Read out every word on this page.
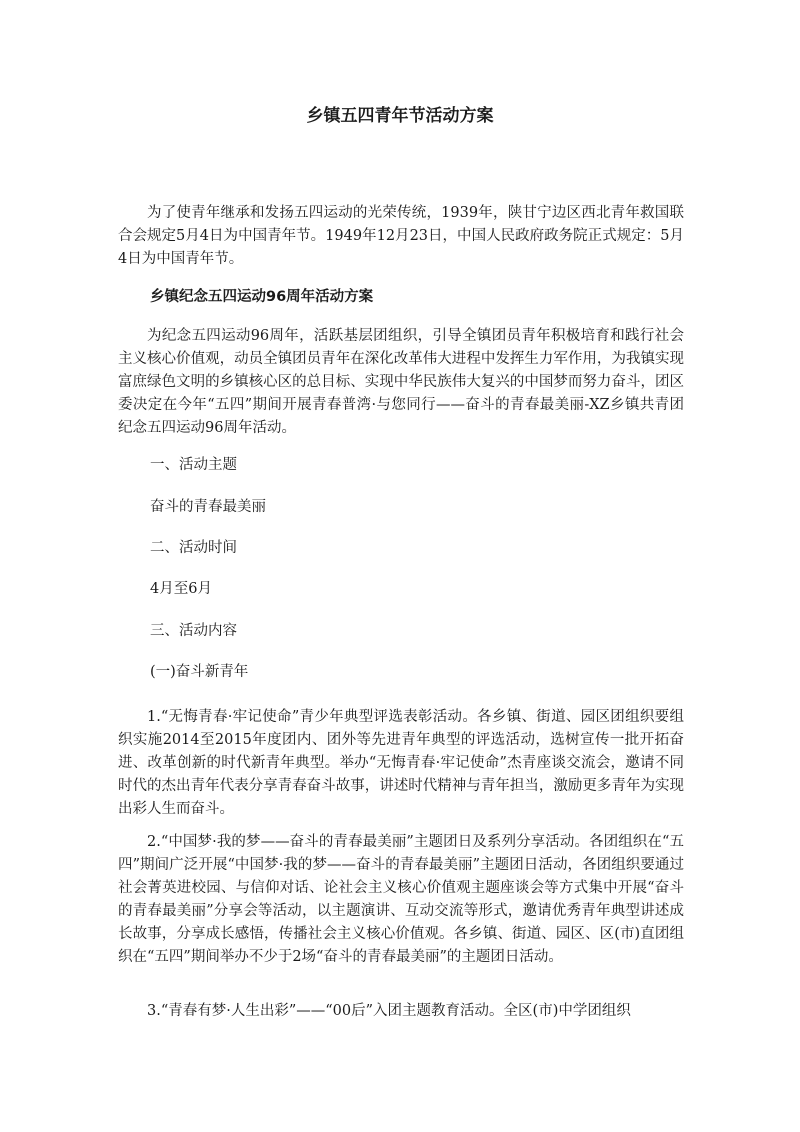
乡镇五四青年节活动方案

为了使青年继承和发扬五四运动的光荣传统，1939年，陕甘宁边区西北青年救国联合会规定5月4日为中国青年节。1949年12月23日，中国人民政府政务院正式规定：5月4日为中国青年节。

乡镇纪念五四运动96周年活动方案

为纪念五四运动96周年，活跃基层团组织，引导全镇团员青年积极培育和践行社会主义核心价值观，动员全镇团员青年在深化改革伟大进程中发挥生力军作用，为我镇实现富庶绿色文明的乡镇核心区的总目标、实现中华民族伟大复兴的中国梦而努力奋斗，团区委决定在今年“五四”期间开展青春普湾·与您同行——奋斗的青春最美丽-XZ乡镇共青团纪念五四运动96周年活动。

一、活动主题

奋斗的青春最美丽

二、活动时间

4月至6月

三、活动内容

(一)奋斗新青年

1.“无悔青春·牢记使命”青少年典型评选表彰活动。各乡镇、街道、园区团组织要组织实施2014至2015年度团内、团外等先进青年典型的评选活动，选树宣传一批开拓奋进、改革创新的时代新青年典型。举办“无悔青春·牢记使命”杰青座谈交流会，邀请不同时代的杰出青年代表分享青春奋斗故事，讲述时代精神与青年担当，激励更多青年为实现出彩人生而奋斗。

2.“中国梦·我的梦——奋斗的青春最美丽”主题团日及系列分享活动。各团组织在“五四”期间广泛开展“中国梦·我的梦——奋斗的青春最美丽”主题团日活动，各团组织要通过社会菁英进校园、与信仰对话、论社会主义核心价值观主题座谈会等方式集中开展“奋斗的青春最美丽”分享会等活动，以主题演讲、互动交流等形式，邀请优秀青年典型讲述成长故事，分享成长感悟，传播社会主义核心价值观。各乡镇、街道、园区、区(市)直团组织在“五四”期间举办不少于2场“奋斗的青春最美丽”的主题团日活动。

3.“青春有梦·人生出彩”——“00后”入团主题教育活动。全区(市)中学团组织
